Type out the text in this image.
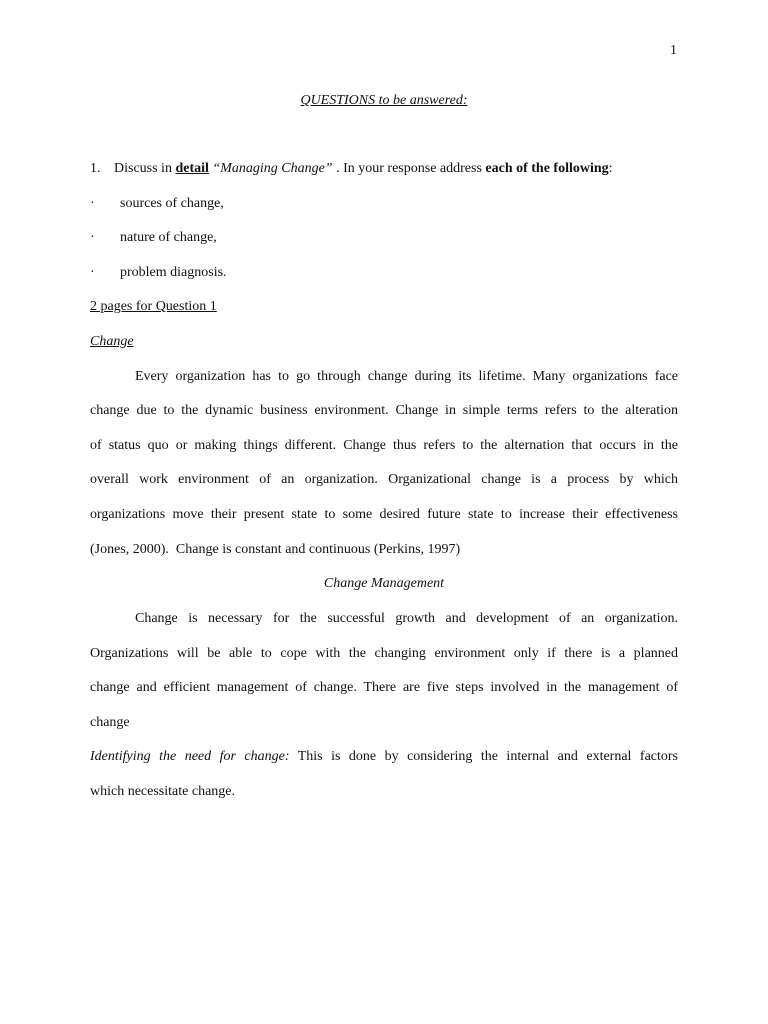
1
QUESTIONS to be answered:
1. Discuss in detail “Managing Change” . In your response address each of the following:
· sources of change,
· nature of change,
· problem diagnosis.
2 pages for Question 1
Change
Every organization has to go through change during its lifetime. Many organizations face
change due to the dynamic business environment. Change in simple terms refers to the alteration
of status quo or making things different. Change thus refers to the alternation that occurs in the
overall work environment of an organization. Organizational change is a process by which
organizations move their present state to some desired future state to increase their effectiveness
(Jones, 2000).  Change is constant and continuous (Perkins, 1997)
Change Management
Change is necessary for the successful growth and development of an organization.
Organizations will be able to cope with the changing environment only if there is a planned
change and efficient management of change. There are five steps involved in the management of
change
Identifying the need for change: This is done by considering the internal and external factors
which necessitate change.
